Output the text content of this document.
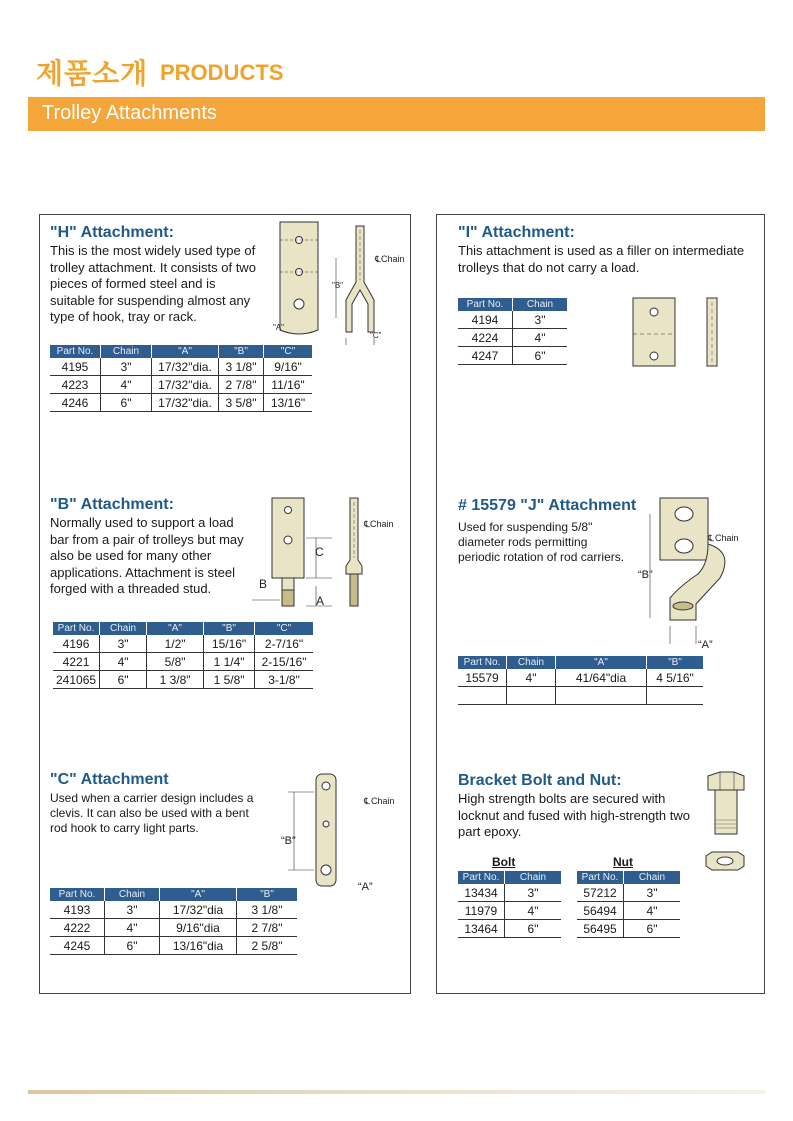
제품소개 PRODUCTS
Trolley Attachments
"H" Attachment:
This is the most widely used type of trolley attachment. It consists of two pieces of formed steel and is suitable for suspending almost any type of hook, tray or rack.
℄ Chain
"B"
"A"
"C"
Part No.	Chain	"A"	"B"	"C"
4195	3"	17/32"dia.	3 1/8"	9/16"
4223	4"	17/32"dia.	2 7/8"	11/16"
4246	6"	17/32"dia.	3 5/8"	13/16"
"I" Attachment:
This attachment is used as a filler on intermediate trolleys that do not carry a load.
Part No.	Chain
4194	3"
4224	4"
4247	6"
"B" Attachment:
Normally used to support a load bar from a pair of trolleys but may also be used for many other applications. Attachment is steel forged with a threaded stud.
℄ Chain
C
B
A
Part No.	Chain	"A"	"B"	"C"
4196	3"	1/2"	15/16"	2-7/16"
4221	4"	5/8"	1 1/4"	2-15/16"
241065	6"	1 3/8"	1 5/8"	3-1/8"
# 15579 "J" Attachment
Used for suspending 5/8" diameter rods permitting periodic rotation of rod carriers.
℄ Chain
“B”
“A”
Part No.	Chain	"A"	"B"
15579	4"	41/64"dia	4 5/16"

"C" Attachment
Used when a carrier design includes a clevis. It can also be used with a bent rod hook to carry light parts.
℄ Chain
“B”
“A”
Part No.	Chain	"A"	"B"
4193	3"	17/32"dia	3 1/8"
4222	4"	9/16"dia	2 7/8"
4245	6"	13/16"dia	2 5/8"
Bracket Bolt and Nut:
High strength bolts are secured with locknut and fused with high-strength two part epoxy.
Bolt	Nut
Part No.	Chain
13434	3"
11979	4"
13464	6"
Part No.	Chain
57212	3"
56494	4"
56495	6"
